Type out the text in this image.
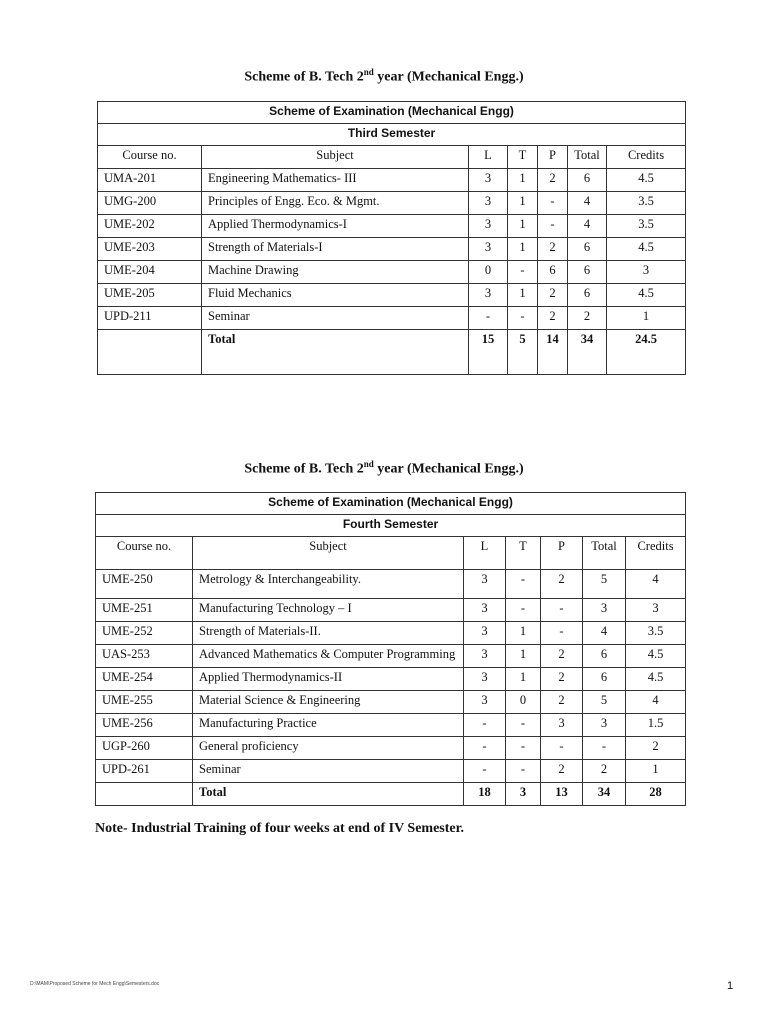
Scheme of B. Tech 2nd year (Mechanical Engg.)
Scheme of Examination (Mechanical Engg)						
Third Semester						
Course no.	Subject	L	T	P	Total	Credits
UMA-201	Engineering Mathematics- III	3	1	2	6	4.5
UMG-200	Principles of Engg. Eco. & Mgmt.	3	1	-	4	3.5
UME-202	Applied Thermodynamics-I	3	1	-	4	3.5
UME-203	Strength of Materials-I	3	1	2	6	4.5
UME-204	Machine Drawing	0	-	6	6	3
UME-205	Fluid Mechanics	3	1	2	6	4.5
UPD-211	Seminar	-	-	2	2	1
	Total	15	5	14	34	24.5
Scheme of B. Tech 2nd year (Mechanical Engg.)
Scheme of Examination (Mechanical Engg)						
Fourth Semester						
Course no.	Subject	L	T	P	Total	Credits
UME-250	Metrology & Interchangeability.	3	-	2	5	4
UME-251	Manufacturing Technology – I	3	-	-	3	3
UME-252	Strength of Materials-II.	3	1	-	4	3.5
UAS-253	Advanced Mathematics & Computer Programming	3	1	2	6	4.5
UME-254	Applied Thermodynamics-II	3	1	2	6	4.5
UME-255	Material Science & Engineering	3	0	2	5	4
UME-256	Manufacturing Practice	-	-	3	3	1.5
UGP-260	General proficiency	-	-	-	-	2
UPD-261	Seminar	-	-	2	2	1
	Total	18	3	13	34	28
Note- Industrial Training of four weeks at end of IV Semester.
D:\MAM\Proposed Scheme for Mech Engg\Semesters.doc	1
